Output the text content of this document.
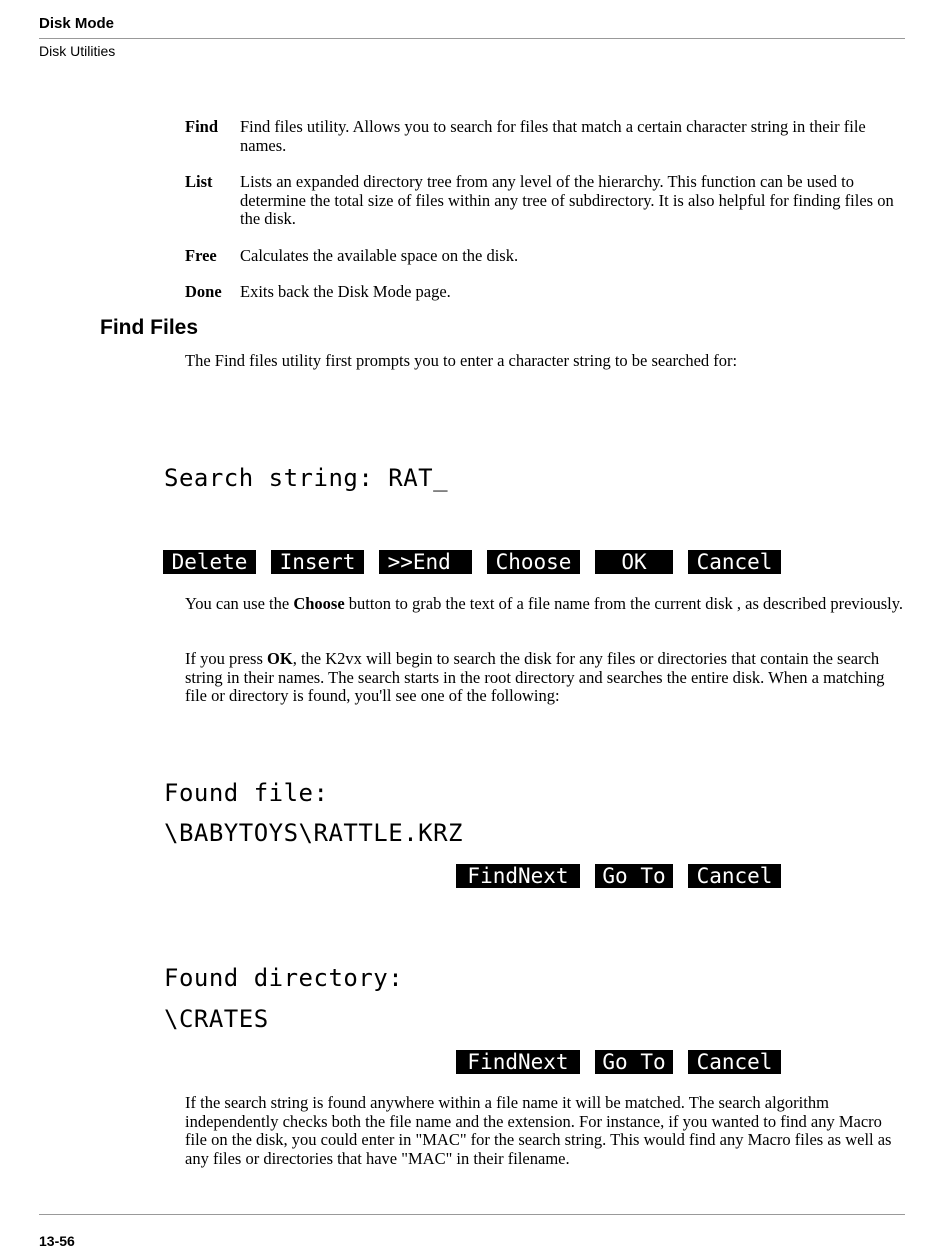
Disk Mode
Disk Utilities
Find	Find files utility. Allows you to search for files that match a certain character string in their file names.
List	Lists an expanded directory tree from any level of the hierarchy. This function can be used to determine the total size of files within any tree of subdirectory. It is also helpful for finding files on the disk.
Free	Calculates the available space on the disk.
Done	Exits back the Disk Mode page.
Find Files

The Find files utility first prompts you to enter a character string to be searched for:

Search string: RAT_
Delete	Insert	>>End	Choose	OK	Cancel

You can use the Choose button to grab the text of a file name from the current disk , as described previously.

If you press OK, the K2vx will begin to search the disk for any files or directories that contain the search string in their names. The search starts in the root directory and searches the entire disk. When a matching file or directory is found, you'll see one of the following:

Found file:
\BABYTOYS\RATTLE.KRZ
FindNext	Go To	Cancel
Found directory:
\CRATES
FindNext	Go To	Cancel

If the search string is found anywhere within a file name it will be matched. The search algorithm independently checks both the file name and the extension. For instance, if you wanted to find any Macro file on the disk, you could enter in "MAC" for the search string. This would find any Macro files as well as any files or directories that have "MAC" in their filename.

13-56
